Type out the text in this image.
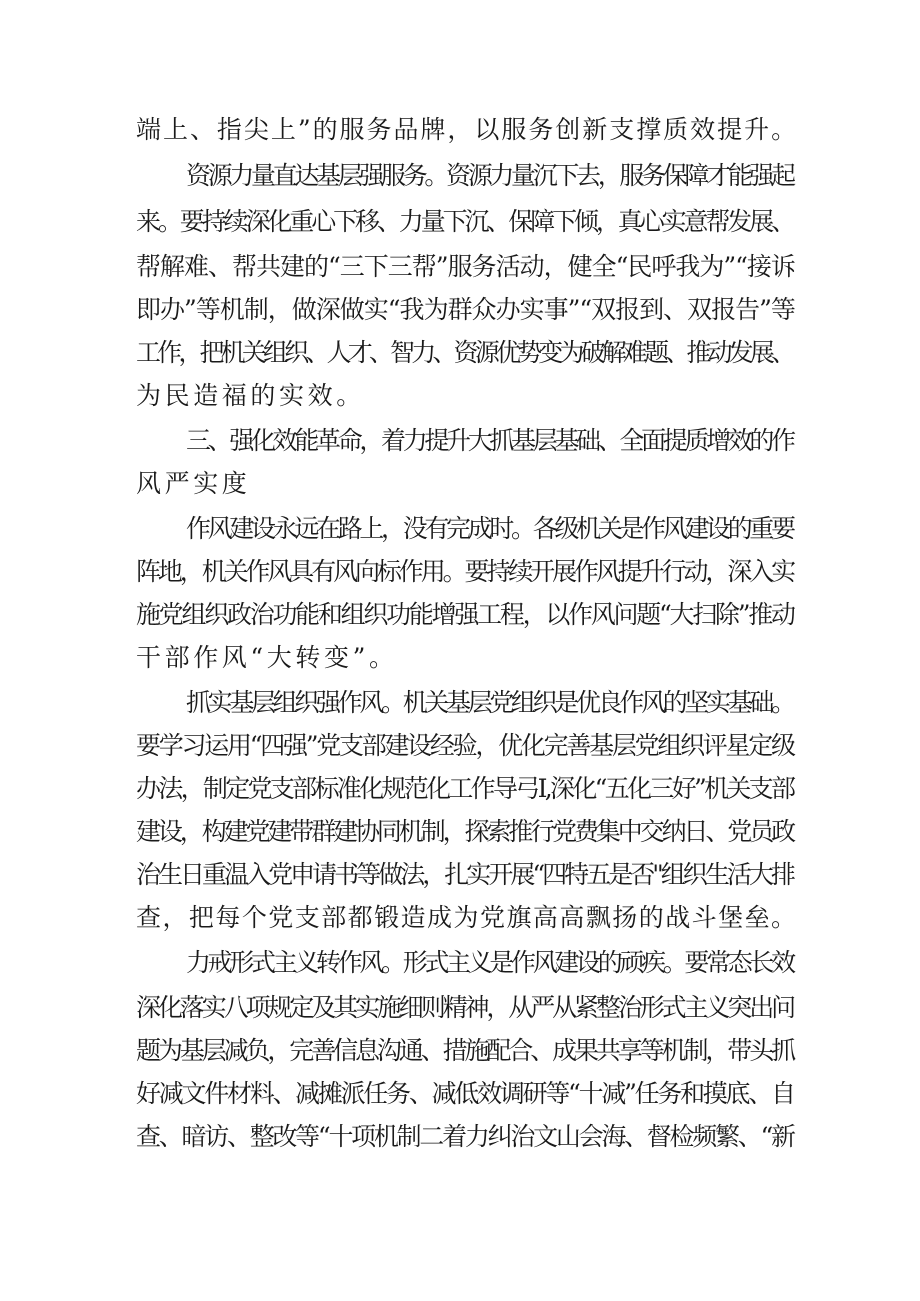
端上、指尖上”的服务品牌，以服务创新支撑质效提升。
资源力量直达基层强服务。资源力量沉下去，服务保障才能强起
来。要持续深化重心下移、力量下沉、保障下倾，真心实意帮发展、
帮解难、帮共建的“三下三帮”服务活动，健全“民呼我为”“接诉
即办”等机制，做深做实“我为群众办实事”“双报到、双报告”等
工作，把机关组织、人才、智力、资源优势变为破解难题、推动发展、
为民造福的实效。
三、强化效能革命，着力提升大抓基层基础、全面提质增效的作
风严实度
作风建设永远在路上，没有完成时。各级机关是作风建设的重要
阵地，机关作风具有风向标作用。要持续开展作风提升行动，深入实
施党组织政治功能和组织功能增强工程，以作风问题“大扫除”推动
干部作风“大转变”。
抓实基层组织强作风。机关基层党组织是优良作风的坚实基础。
要学习运用“四强”党支部建设经验，优化完善基层党组织评星定级
办法，制定党支部标准化规范化工作导弓I,深化“五化三好”机关支部
建设，构建党建带群建协同机制，探索推行党费集中交纳日、党员政
治生日重温入党申请书等做法，扎实开展“四特五是否"组织生活大排
查，把每个党支部都锻造成为党旗高高飘扬的战斗堡垒。
力戒形式主义转作风。形式主义是作风建设的顽疾。要常态长效
深化落实八项规定及其实施细则精神，从严从紧整治形式主义突出问
题为基层减负，完善信息沟通、措施配合、成果共享等机制，带头抓
好减文件材料、减摊派任务、减低效调研等“十减”任务和摸底、自
查、暗访、整改等“十项机制二着力纠治文山会海、督检频繁、“新
